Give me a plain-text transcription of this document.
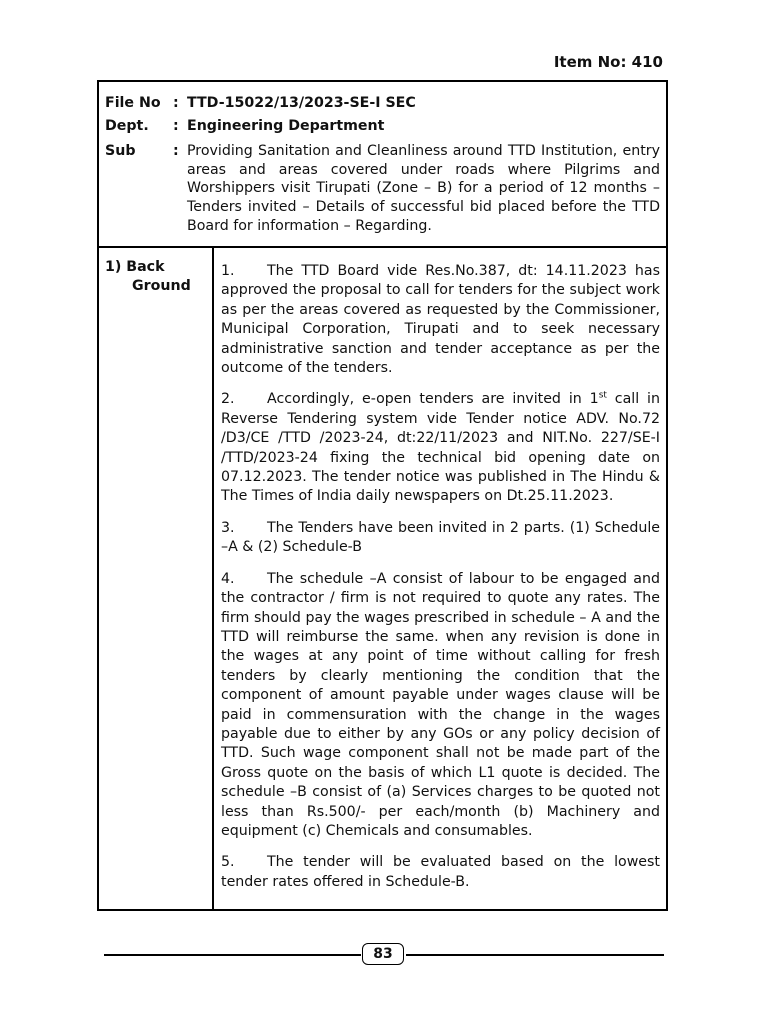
Item No: 410
File No : TTD-15022/13/2023-SE-I SEC
Dept.	: Engineering Department
Sub	: Providing Sanitation and Cleanliness around TTD Institution, entry areas and areas covered under roads where Pilgrims and Worshippers visit Tirupati (Zone – B) for a period of 12 months – Tenders invited – Details of successful bid placed before the TTD Board for information – Regarding.
1) Back
Ground

1. The TTD Board vide Res.No.387, dt: 14.11.2023 has approved the proposal to call for tenders for the subject work as per the areas covered as requested by the Commissioner, Municipal Corporation, Tirupati and to seek necessary administrative sanction and tender acceptance as per the outcome of the tenders.

2. Accordingly, e-open tenders are invited in 1st call in Reverse Tendering system vide Tender notice ADV. No.72 /D3/CE /TTD /2023-24, dt:22/11/2023 and NIT.No. 227/SE-I /TTD/2023-24 fixing the technical bid opening date on 07.12.2023. The tender notice was published in The Hindu & The Times of India daily newspapers on Dt.25.11.2023.

3. The Tenders have been invited in 2 parts. (1) Schedule –A & (2) Schedule-B

4. The schedule –A consist of labour to be engaged and the contractor / firm is not required to quote any rates. The firm should pay the wages prescribed in schedule – A and the TTD will reimburse the same. when any revision is done in the wages at any point of time without calling for fresh tenders by clearly mentioning the condition that the component of amount payable under wages clause will be paid in commensuration with the change in the wages payable due to either by any GOs or any policy decision of TTD. Such wage component shall not be made part of the Gross quote on the basis of which L1 quote is decided. The schedule –B consist of (a) Services charges to be quoted not less than Rs.500/- per each/month (b) Machinery and equipment (c) Chemicals and consumables.

5. The tender will be evaluated based on the lowest tender rates offered in Schedule-B.

83
